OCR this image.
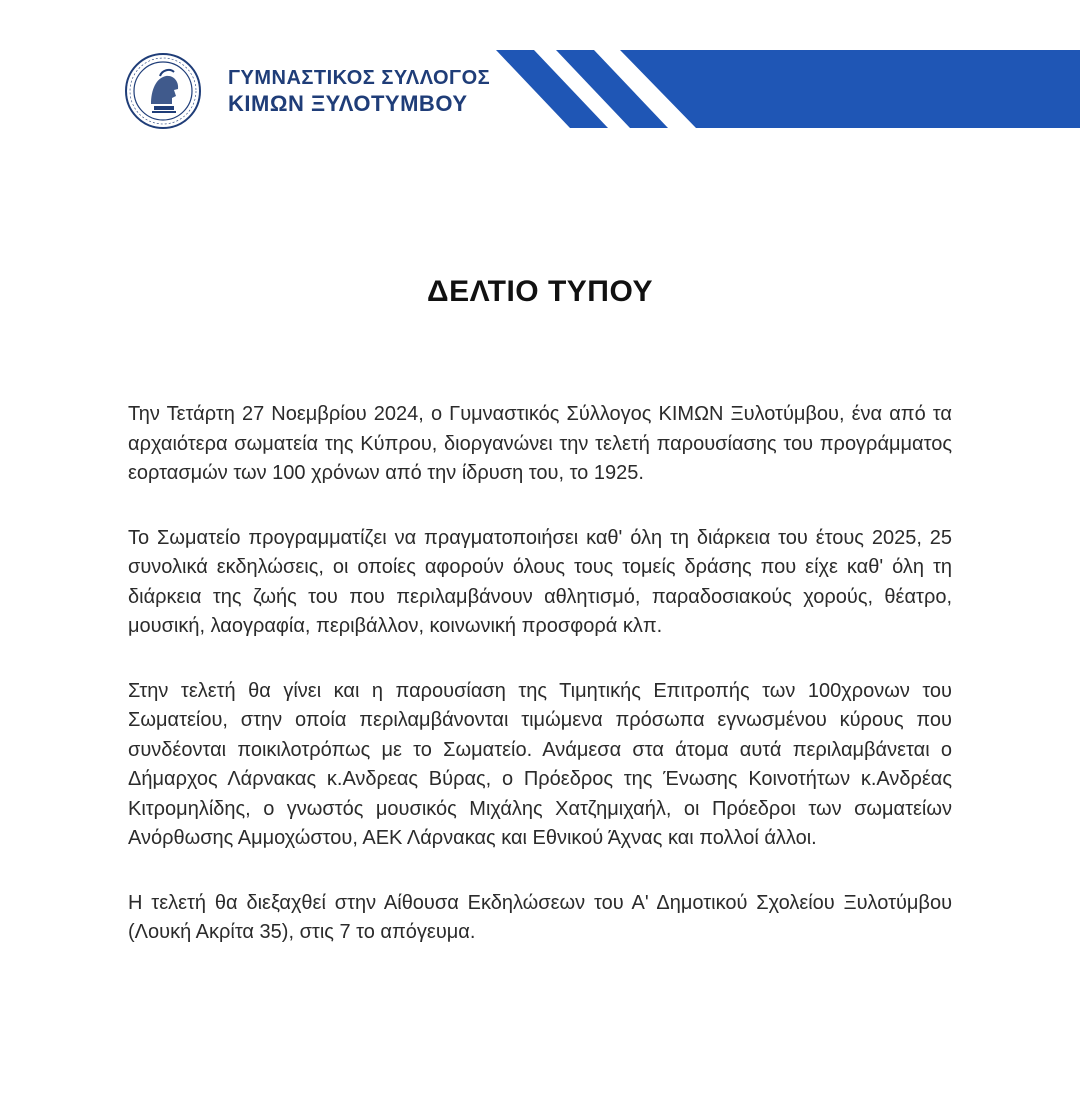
ΓΥΜΝΑΣΤΙΚΟΣ ΣΥΛΛΟΓΟΣ
ΚΙΜΩΝ ΞΥΛΟΤΥΜΒΟΥ
ΔΕΛΤΙΟ ΤΥΠΟΥ

Την Τετάρτη 27 Νοεμβρίου 2024, ο Γυμναστικός Σύλλογος ΚΙΜΩΝ Ξυλοτύμβου, ένα από τα αρχαιότερα σωματεία της Κύπρου, διοργανώνει την τελετή παρουσίασης του προγράμματος εορτασμών των 100 χρόνων από την ίδρυση του, το 1925.

Το Σωματείο προγραμματίζει να πραγματοποιήσει καθ' όλη τη διάρκεια του έτους 2025, 25 συνολικά εκδηλώσεις, οι οποίες αφορούν όλους τους τομείς δράσης που είχε καθ' όλη τη διάρκεια της ζωής του που περιλαμβάνουν αθλητισμό, παραδοσιακούς χορούς, θέατρο, μουσική, λαογραφία, περιβάλλον, κοινωνική προσφορά κλπ.

Στην τελετή θα γίνει και η παρουσίαση της Τιμητικής Επιτροπής των 100χρονων του Σωματείου, στην οποία περιλαμβάνονται τιμώμενα πρόσωπα εγνωσμένου κύρους που συνδέονται ποικιλοτρόπως με το Σωματείο. Ανάμεσα στα άτομα αυτά περιλαμβάνεται ο Δήμαρχος Λάρνακας κ.Ανδρεας Βύρας, ο Πρόεδρος της Ένωσης Κοινοτήτων κ.Ανδρέας Κιτρομηλίδης, ο γνωστός μουσικός Μιχάλης Χατζημιχαήλ, οι Πρόεδροι των σωματείων Ανόρθωσης Αμμοχώστου, ΑΕΚ Λάρνακας και Εθνικού Άχνας και πολλοί άλλοι.

Η τελετή θα διεξαχθεί στην Αίθουσα Εκδηλώσεων του Α' Δημοτικού Σχολείου Ξυλοτύμβου (Λουκή Ακρίτα 35), στις 7 το απόγευμα.
